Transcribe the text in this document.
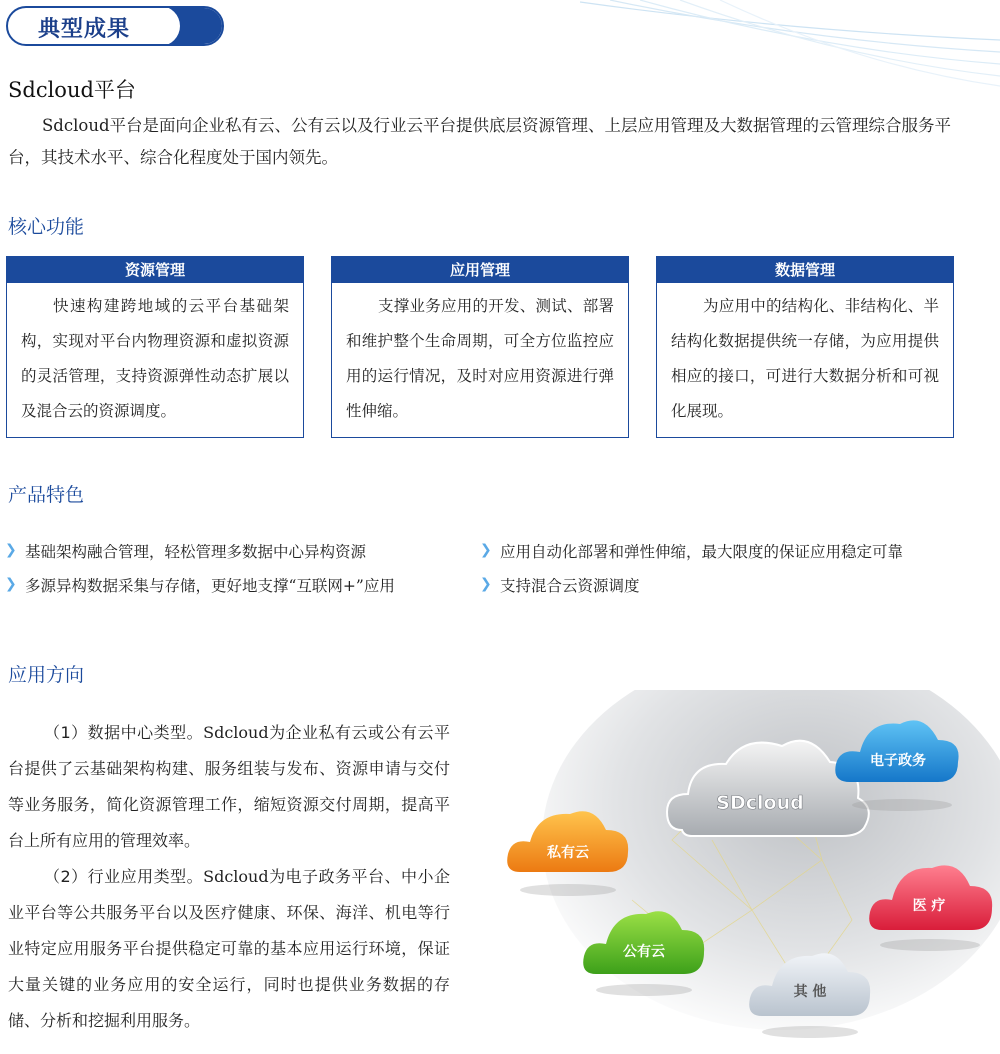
典型成果
Sdcloud平台
Sdcloud平台是面向企业私有云、公有云以及行业云平台提供底层资源管理、上层应用管理及大数据管理的云管理综合服务平台，其技术水平、综合化程度处于国内领先。
核心功能
资源管理
快速构建跨地域的云平台基础架构，实现对平台内物理资源和虚拟资源的灵活管理，支持资源弹性动态扩展以及混合云的资源调度。
应用管理
支撑业务应用的开发、测试、部署和维护整个生命周期，可全方位监控应用的运行情况，及时对应用资源进行弹性伸缩。
数据管理
为应用中的结构化、非结构化、半结构化数据提供统一存储，为应用提供相应的接口，可进行大数据分析和可视化展现。
产品特色
❯ 基础架构融合管理，轻松管理多数据中心异构资源
❯ 多源异构数据采集与存储，更好地支撑“互联网+”应用
❯ 应用自动化部署和弹性伸缩，最大限度的保证应用稳定可靠
❯ 支持混合云资源调度
应用方向

（1）数据中心类型。Sdcloud为企业私有云或公有云平台提供了云基础架构构建、服务组装与发布、资源申请与交付等业务服务，简化资源管理工作，缩短资源交付周期，提高平台上所有应用的管理效率。

（2）行业应用类型。Sdcloud为电子政务平台、中小企业平台等公共服务平台以及医疗健康、环保、海洋、机电等行业特定应用服务平台提供稳定可靠的基本应用运行环境，保证大量关键的业务应用的安全运行，同时也提供业务数据的存储、分析和挖掘利用服务。

SDcloud
电子政务
私有云
医 疗
公有云
其 他
